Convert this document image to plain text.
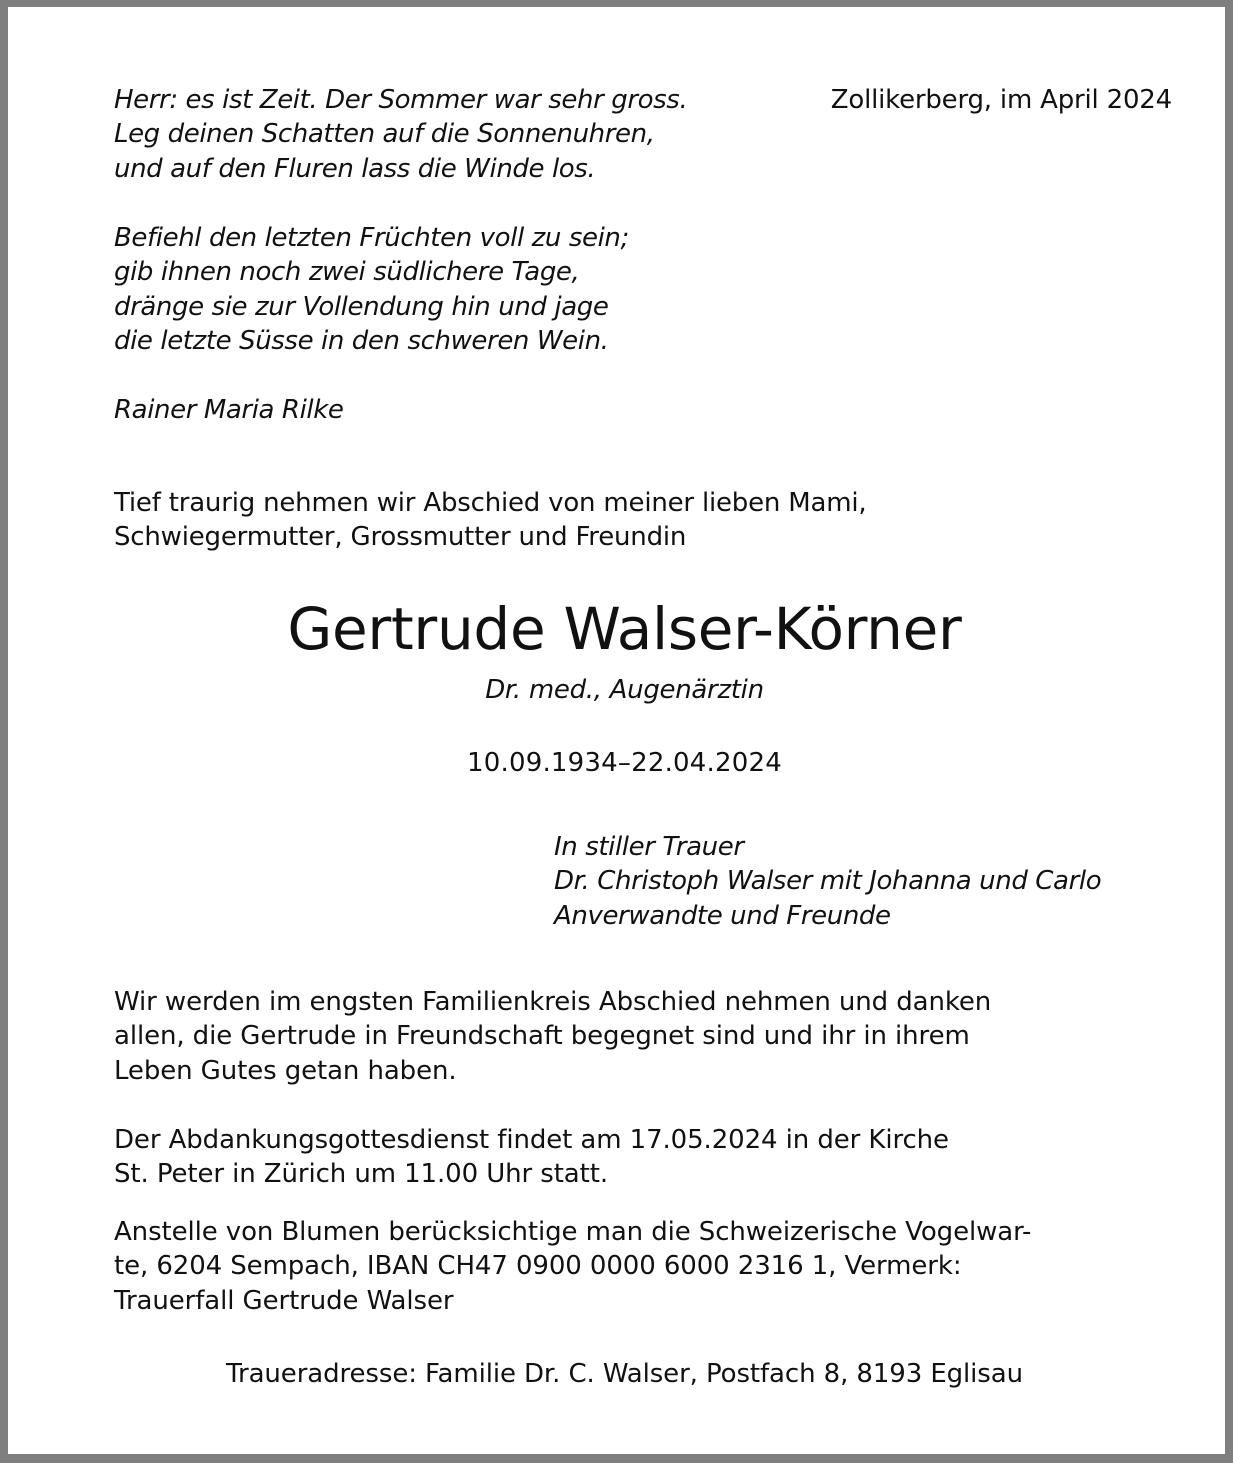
Herr: es ist Zeit. Der Sommer war sehr gross.
Leg deinen Schatten auf die Sonnenuhren,
und auf den Fluren lass die Winde los.
Befiehl den letzten Früchten voll zu sein;
gib ihnen noch zwei südlichere Tage,
dränge sie zur Vollendung hin und jage
die letzte Süsse in den schweren Wein.
Rainer Maria Rilke
Zollikerberg, im April 2024
Tief traurig nehmen wir Abschied von meiner lieben Mami,
Schwiegermutter, Grossmutter und Freundin
Gertrude Walser-Körner
Dr. med., Augenärztin
10.09.1934–22.04.2024
In stiller Trauer
Dr. Christoph Walser mit Johanna und Carlo
Anverwandte und Freunde
Wir werden im engsten Familienkreis Abschied nehmen und danken
allen, die Gertrude in Freundschaft begegnet sind und ihr in ihrem
Leben Gutes getan haben.
Der Abdankungsgottesdienst findet am 17.05.2024 in der Kirche
St. Peter in Zürich um 11.00 Uhr statt.
Anstelle von Blumen berücksichtige man die Schweizerische Vogelwar-
te, 6204 Sempach, IBAN CH47 0900 0000 6000 2316 1, Vermerk:
Trauerfall Gertrude Walser
Traueradresse: Familie Dr. C. Walser, Postfach 8, 8193 Eglisau
